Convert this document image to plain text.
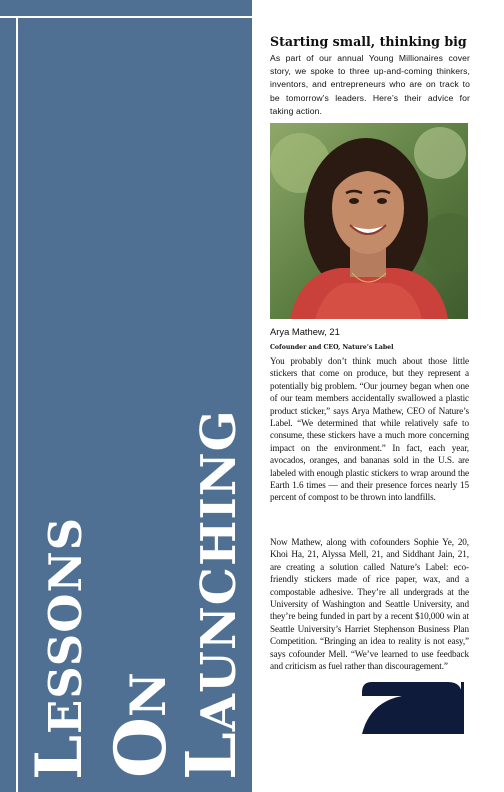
Lessons On
Launching
Starting small, thinking big
As part of our annual Young Millionaires cover story, we spoke to three up-and-coming thinkers, inventors, and entrepreneurs who are on track to be tomorrow’s leaders. Here’s their advice for taking action.
Arya Mathew, 21
Cofounder and CEO, Nature’s Label
You probably don’t think much about those little stickers that come on produce, but they represent a potentially big problem. “Our journey began when one of our team members accidentally swallowed a plastic product sticker,” says Arya Mathew, CEO of Nature’s Label. “We determined that while relatively safe to consume, these stickers have a much more concerning impact on the environment.” In fact, each year, avocados, oranges, and bananas sold in the U.S. are labeled with enough plastic stickers to wrap around the Earth 1.6 times — and their presence forces nearly 15 percent of compost to be thrown into landfills.
Now Mathew, along with cofounders Sophie Ye, 20, Khoi Ha, 21, Alyssa Mell, 21, and Siddhant Jain, 21, are creating a solution called Nature’s Label: eco-friendly stickers made of rice paper, wax, and a compostable adhesive. They’re all undergrads at the University of Washington and Seattle University, and they’re being funded in part by a recent $10,000 win at Seattle University’s Harriet Stephenson Business Plan Competition. “Bringing an idea to reality is not easy,” says cofounder Mell. “We’ve learned to use feedback and criticism as fuel rather than discouragement.”
